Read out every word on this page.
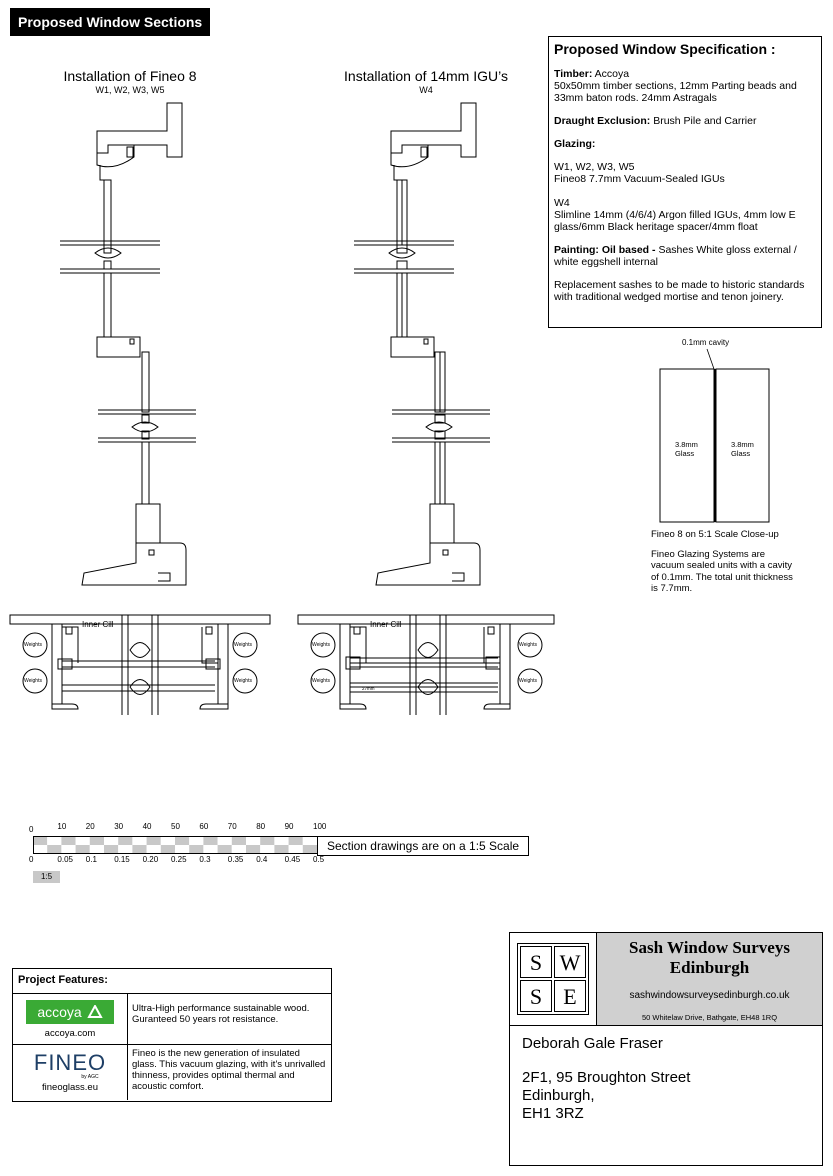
Proposed Window Sections
Installation of Fineo 8
W1, W2, W3, W5
Installation of 14mm IGU’s
W4
Inner Cill	Inner Cill
Weights
Weights
Weights
Weights
Weights
Weights
Weights
Weights
27mm
Proposed Window Specification :

Timber: Accoya
50x50mm timber sections, 12mm Parting beads and 33mm baton rods. 24mm Astragals

Draught Exclusion: Brush Pile and Carrier

Glazing:

W1, W2, W3, W5
Fineo8 7.7mm Vacuum-Sealed IGUs

W4
Slimline 14mm (4/6/4) Argon filled IGUs, 4mm low E glass/6mm Black heritage spacer/4mm float

Painting: Oil based - Sashes White gloss external / white eggshell internal

Replacement sashes to be made to historic standards with traditional wedged mortise and tenon joinery.

0.1mm cavity
3.8mm
Glass
3.8mm
Glass
Fineo 8 on 5:1 Scale Close-up
Fineo Glazing Systems are vacuum sealed units with a cavity of 0.1mm. The total unit thickness is 7.7mm.
0	10 20 30 40 50 60 70 80 90 100
0	0.05 0.1 0.15 0.20 0.25 0.3 0.35 0.4 0.45 0.5
Section drawings are on a 1:5 Scale
1:5
Project Features:
accoya
accoya.com
Ultra-High performance sustainable wood. Guranteed 50 years rot resistance.
FINEO
by AGC
fineoglass.eu
Fineo is the new generation of insulated glass. This vacuum glazing, with it's unrivalled thinness, provides optimal thermal and acoustic comfort.
S W
S E
Sash Window Surveys
Edinburgh
sashwindowsurveysedinburgh.co.uk
50 Whitelaw Drive, Bathgate, EH48 1RQ
Deborah Gale Fraser
2F1, 95 Broughton Street
Edinburgh,
EH1 3RZ
